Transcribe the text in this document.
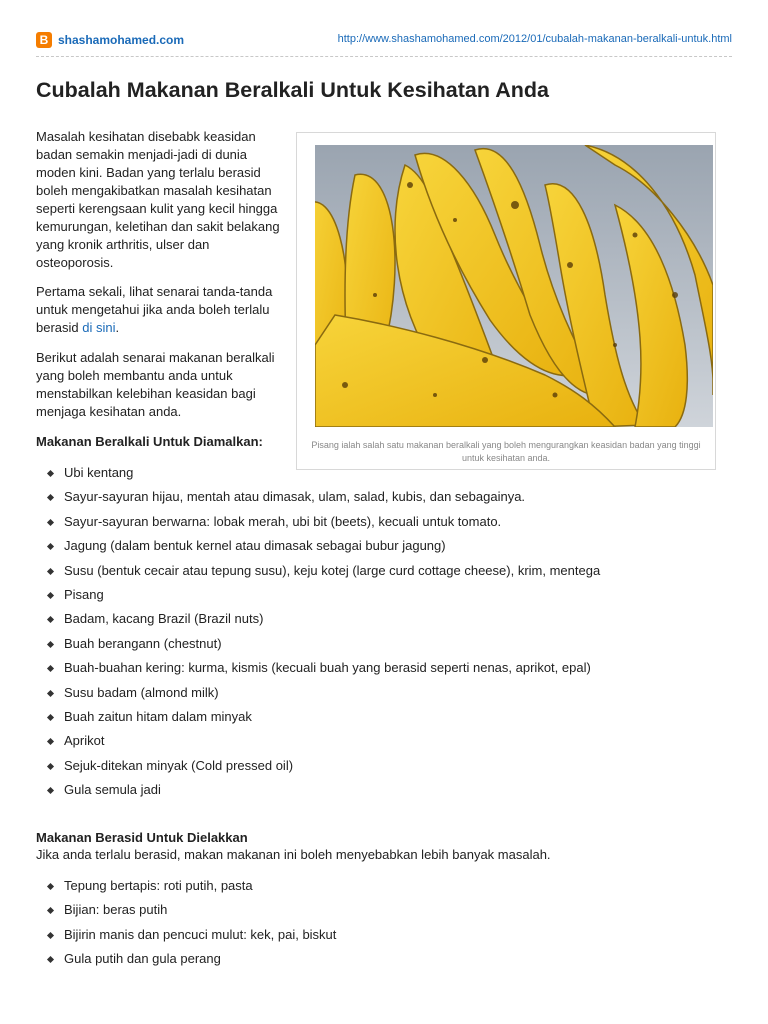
B shashamohamed.com	http://www.shashamohamed.com/2012/01/cubalah-makanan-beralkali-untuk.html
Cubalah Makanan Beralkali Untuk Kesihatan Anda

Masalah kesihatan disebabk keasidan badan semakin menjadi-jadi di dunia moden kini. Badan yang terlalu berasid boleh mengakibatkan masalah kesihatan seperti kerengsaan kulit yang kecil hingga kemurungan, keletihan dan sakit belakang yang kronik arthritis, ulser dan osteoporosis.

Pertama sekali, lihat senarai tanda-tanda untuk mengetahui jika anda boleh terlalu berasid di sini.

Berikut adalah senarai makanan beralkali yang boleh membantu anda untuk menstabilkan kelebihan keasidan bagi menjaga kesihatan anda.

Pisang ialah salah satu makanan beralkali yang boleh mengurangkan keasidan badan yang tinggi untuk kesihatan anda.

Makanan Beralkali Untuk Diamalkan:
Ubi kentang
Sayur-sayuran hijau, mentah atau dimasak, ulam, salad, kubis, dan sebagainya.
Sayur-sayuran berwarna: lobak merah, ubi bit (beets), kecuali untuk tomato.
Jagung (dalam bentuk kernel atau dimasak sebagai bubur jagung)
Susu (bentuk cecair atau tepung susu), keju kotej (large curd cottage cheese), krim, mentega
Pisang
Badam, kacang Brazil (Brazil nuts)
Buah berangann (chestnut)
Buah-buahan kering: kurma, kismis (kecuali buah yang berasid seperti nenas, aprikot, epal)
Susu badam (almond milk)
Buah zaitun hitam dalam minyak
Aprikot
Sejuk-ditekan minyak (Cold pressed oil)
Gula semula jadi
Makanan Berasid Untuk Dielakkan

Jika anda terlalu berasid, makan makanan ini boleh menyebabkan lebih banyak masalah.

Tepung bertapis: roti putih, pasta
Bijian: beras putih
Bijirin manis dan pencuci mulut: kek, pai, biskut
Gula putih dan gula perang
